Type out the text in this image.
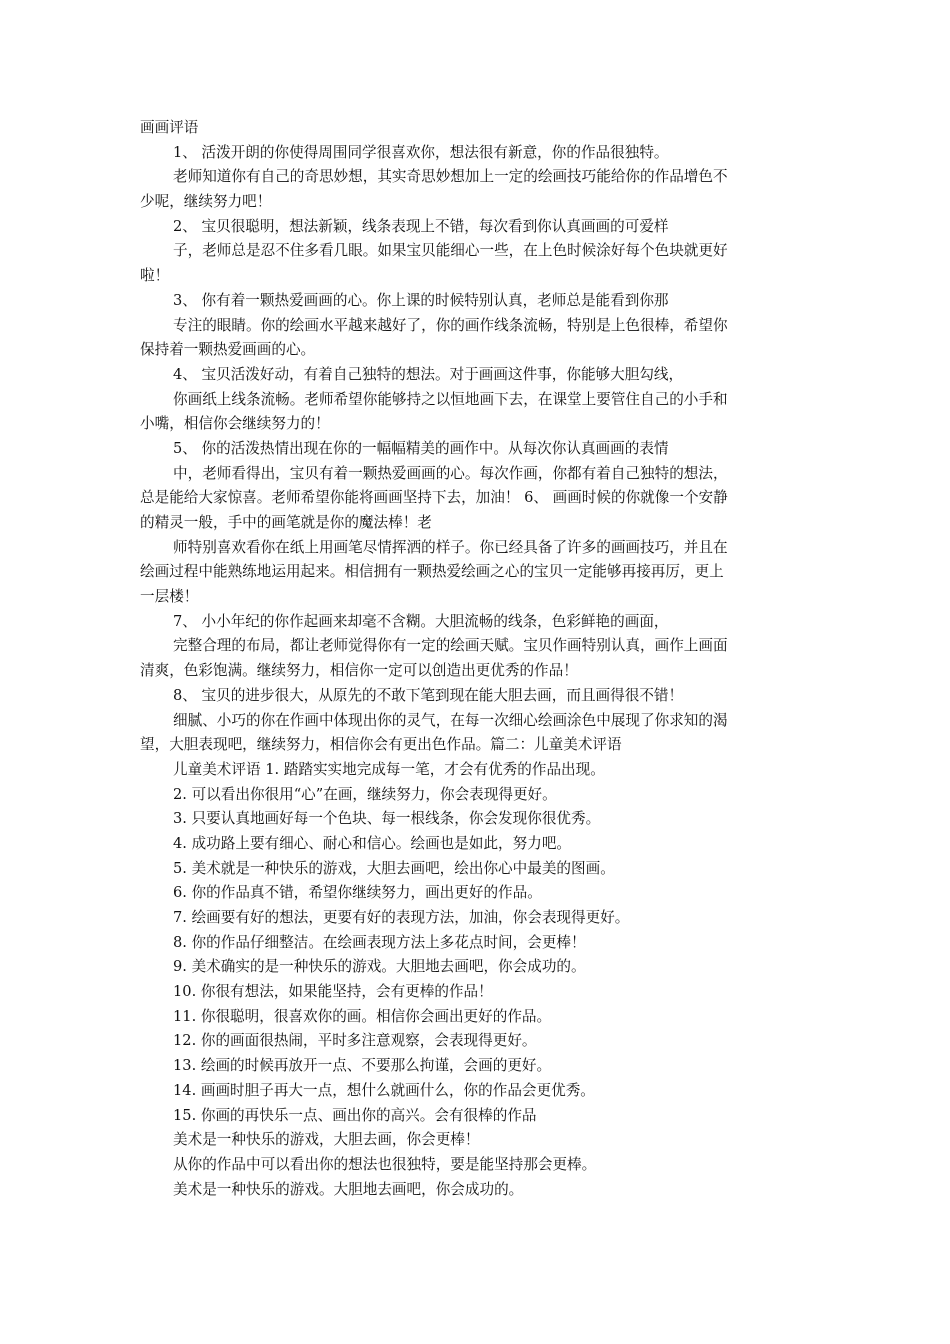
画画评语
1、 活泼开朗的你使得周围同学很喜欢你，想法很有新意，你的作品很独特。
老师知道你有自己的奇思妙想，其实奇思妙想加上一定的绘画技巧能给你的作品增色不
少呢，继续努力吧！
2、 宝贝很聪明，想法新颖，线条表现上不错，每次看到你认真画画的可爱样
子，老师总是忍不住多看几眼。如果宝贝能细心一些，在上色时候涂好每个色块就更好
啦！
3、 你有着一颗热爱画画的心。你上课的时候特别认真，老师总是能看到你那
专注的眼睛。你的绘画水平越来越好了，你的画作线条流畅，特别是上色很棒，希望你
保持着一颗热爱画画的心。
4、 宝贝活泼好动，有着自己独特的想法。对于画画这件事，你能够大胆勾线，
你画纸上线条流畅。老师希望你能够持之以恒地画下去，在课堂上要管住自己的小手和
小嘴，相信你会继续努力的！
5、 你的活泼热情出现在你的一幅幅精美的画作中。从每次你认真画画的表情
中，老师看得出，宝贝有着一颗热爱画画的心。每次作画，你都有着自己独特的想法，
总是能给大家惊喜。老师希望你能将画画坚持下去，加油！ 6、 画画时候的你就像一个安静
的精灵一般，手中的画笔就是你的魔法棒！老
师特别喜欢看你在纸上用画笔尽情挥洒的样子。你已经具备了许多的画画技巧，并且在
绘画过程中能熟练地运用起来。相信拥有一颗热爱绘画之心的宝贝一定能够再接再厉，更上
一层楼！
7、 小小年纪的你作起画来却毫不含糊。大胆流畅的线条，色彩鲜艳的画面，
完整合理的布局，都让老师觉得你有一定的绘画天赋。宝贝作画特别认真，画作上画面
清爽，色彩饱满。继续努力，相信你一定可以创造出更优秀的作品！
8、 宝贝的进步很大，从原先的不敢下笔到现在能大胆去画，而且画得很不错！
细腻、小巧的你在作画中体现出你的灵气，在每一次细心绘画涂色中展现了你求知的渴
望，大胆表现吧，继续努力，相信你会有更出色作品。篇二：儿童美术评语
儿童美术评语 1. 踏踏实实地完成每一笔，才会有优秀的作品出现。
2. 可以看出你很用“心”在画，继续努力，你会表现得更好。
3. 只要认真地画好每一个色块、每一根线条，你会发现你很优秀。
4. 成功路上要有细心、耐心和信心。绘画也是如此，努力吧。
5. 美术就是一种快乐的游戏，大胆去画吧，绘出你心中最美的图画。
6. 你的作品真不错，希望你继续努力，画出更好的作品。
7. 绘画要有好的想法，更要有好的表现方法，加油，你会表现得更好。
8. 你的作品仔细整洁。在绘画表现方法上多花点时间，会更棒！
9. 美术确实的是一种快乐的游戏。大胆地去画吧，你会成功的。
10. 你很有想法，如果能坚持，会有更棒的作品！
11. 你很聪明，很喜欢你的画。相信你会画出更好的作品。
12. 你的画面很热闹，平时多注意观察，会表现得更好。
13. 绘画的时候再放开一点、不要那么拘谨，会画的更好。
14. 画画时胆子再大一点，想什么就画什么，你的作品会更优秀。
15. 你画的再快乐一点、画出你的高兴。会有很棒的作品
美术是一种快乐的游戏，大胆去画，你会更棒！
从你的作品中可以看出你的想法也很独特，要是能坚持那会更棒。
美术是一种快乐的游戏。大胆地去画吧，你会成功的。
